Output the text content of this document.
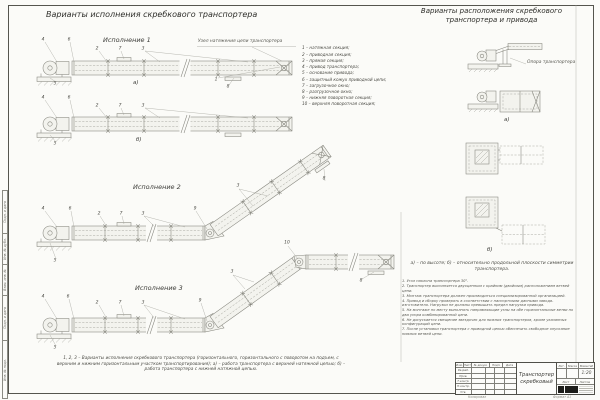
Варианты исполнения скребкового транспортера	Варианты расположения скребкового
транспортера и привода
Узел натяжения цепи транспортера
Опора транспортера
Исполнение 1
Исполнение 2
Исполнение 3
а)
б)
а)
б)
1 – натяжная секция;
2 – приводная секция;
3 – прямая секция;
4 – привод транспортера;
5 – основание привода;
6 – защитный кожух приводной цепи;
7 – загрузочное окно;
8 – разгрузочное окно;
9 – нижняя поворотная секция;
10 – верхняя поворотная секция;
4	6
2	7	3
5
1
8
4	6
2	7	3
5
4	6
2	7	3
5
9
3
8
4	6
2	7	3
5
9
3
10
8
а) – по высоте; б) – относительно продольной плоскости симметрии транспортера.
1. Угол наклона транспортера 30°.
2. Транспортер выполняется двухцепным с крайним (двойным) расположением ветвей цепи.
3. Монтаж транспортера должен производиться специализированной организацией.
4. Привод и сборку проверять в соответствии с паспортными данными завода-изготовителя. Нагрузки не должны превышать предел нагрузки привода.
5. На монтаже по месту выполнять направляющие узлы на обе горизонтальные ветви по два упора комбинированной цепи.
6. Не допускается смещение звездочек для нижних транспортеров, кроме указанных конфигураций цепи.
7. После установки транспортера с приводной цепью обеспечить свободное опускание нижних ветвей цепи.
1, 2, 3 – Варианты исполнения скребкового транспортера (горизонтального, горизонтального с поворотом на подъем, с верхним и нижним горизонтальным участком транспортирования); а) – работа транспортера с верхней натяжной цепью; б) – работа транспортера с нижней натяжной цепью.
Изм. Лист	№ докум.	Подп.	Дата
Разраб.
Пров.
Т.контр.
Н.контр.
Утв.
Транспортер
скребковый
Лит.	Масса	Масштаб
1:20
Лист	Листов
Копировал	Формат A1
Подп. и дата
Инв. № дубл.
Взам. инв. №
Подп. и дата
Инв. № подл.
